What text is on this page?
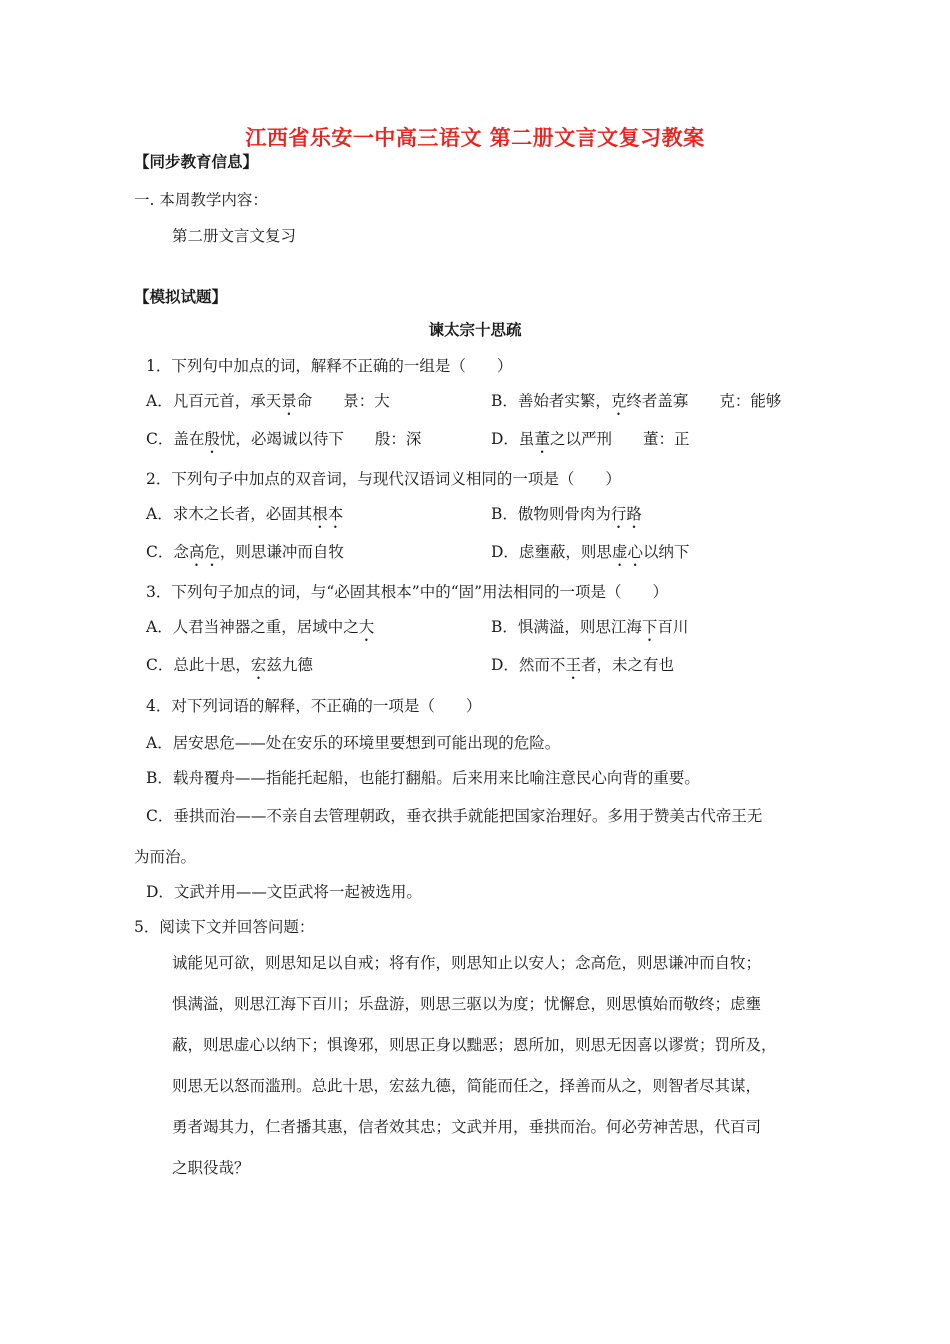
江西省乐安一中高三语文 第二册文言文复习教案
【同步教育信息】
一. 本周教学内容：
第二册文言文复习
【模拟试题】
谏太宗十思疏
1．下列句中加点的词，解释不正确的一组是（　　）
A．凡百元首，承天景命　　景：大	B．善始者实繁，克终者盖寡　　克：能够
C．盖在殷忧，必竭诚以待下　　殷：深	D．虽董之以严刑　　董：正
2．下列句子中加点的双音词，与现代汉语词义相同的一项是（　　）
A．求木之长者，必固其根本	B．傲物则骨肉为行路
C．念高危，则思谦冲而自牧	D．虑壅蔽，则思虚心以纳下
3．下列句子加点的词，与“必固其根本”中的“固”用法相同的一项是（　　）
A．人君当神器之重，居域中之大	B．惧满溢，则思江海下百川
C．总此十思，宏兹九德	D．然而不王者，未之有也
4．对下列词语的解释，不正确的一项是（　　）
A．居安思危——处在安乐的环境里要想到可能出现的危险。
B．载舟覆舟——指能托起船，也能打翻船。后来用来比喻注意民心向背的重要。
C．垂拱而治——不亲自去管理朝政，垂衣拱手就能把国家治理好。多用于赞美古代帝王无
为而治。
D．文武并用——文臣武将一起被选用。
5．阅读下文并回答问题：
诚能见可欲，则思知足以自戒；将有作，则思知止以安人；念高危，则思谦冲而自牧；
惧满溢，则思江海下百川；乐盘游，则思三驱以为度；忧懈怠，则思慎始而敬终；虑壅
蔽，则思虚心以纳下；惧谗邪，则思正身以黜恶；恩所加，则思无因喜以谬赏；罚所及，
则思无以怒而滥刑。总此十思，宏兹九德，简能而任之，择善而从之，则智者尽其谋，
勇者竭其力，仁者播其惠，信者效其忠；文武并用，垂拱而治。何必劳神苦思，代百司
之职役哉？
